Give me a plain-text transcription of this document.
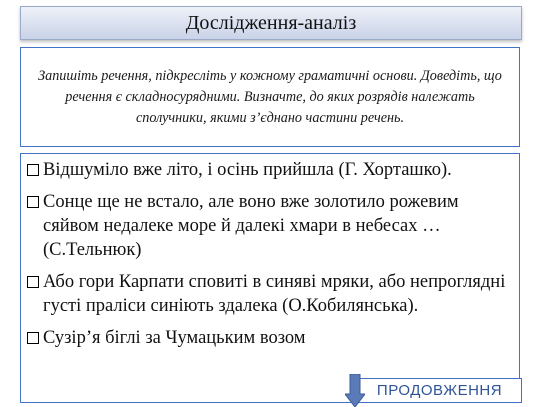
Дослідження-аналіз
Запишіть речення, підкресліть у кожному граматичні основи. Доведіть, що речення є складносурядними. Визначте, до яких розрядів належать сполучники, якими з’єднано частини речень.
Відшуміло вже літо, і осінь прийшла (Г. Хорташко).
Сонце ще не встало, але воно вже золотило рожевим сяйвом недалеке море й далекі хмари в небесах … (С.Тельнюк)
Або гори Карпати сповиті в синяві мряки, або непроглядні густі праліси синіють здалека (О.Кобилянська).
Сузір’я біглі за Чумацьким возом
ПРОДОВЖЕННЯ
